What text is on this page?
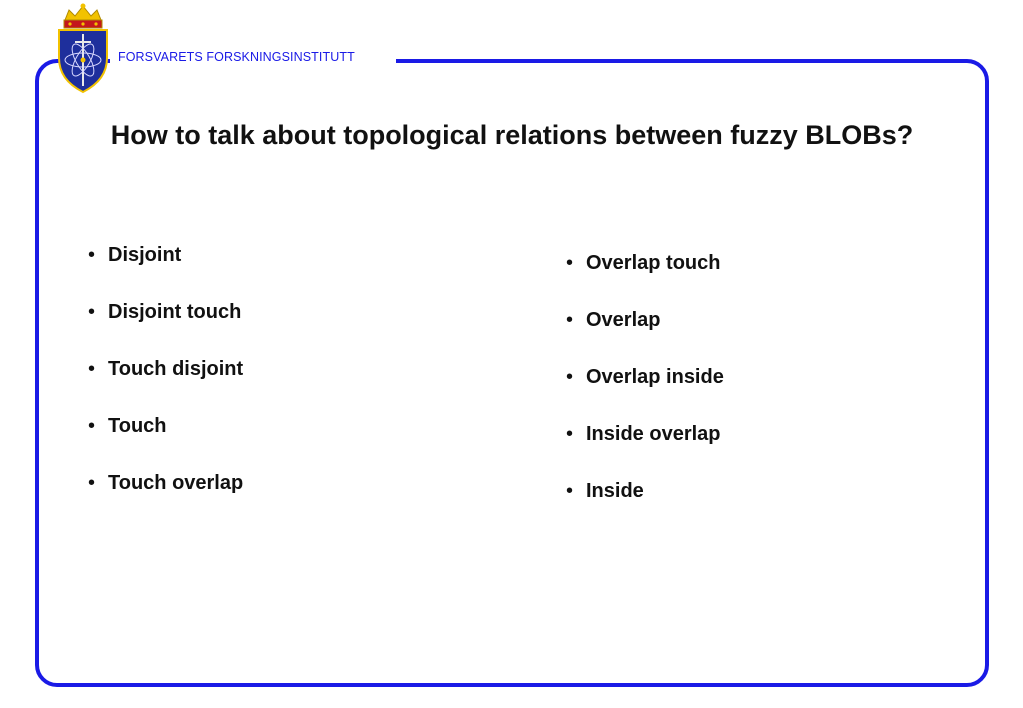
FORSVARETS FORSKNINGSINSTITUTT
How to talk about topological relations between fuzzy BLOBs?
• Disjoint
• Disjoint touch
• Touch disjoint
• Touch
• Touch overlap
• Overlap touch
• Overlap
• Overlap inside
• Inside overlap
• Inside
